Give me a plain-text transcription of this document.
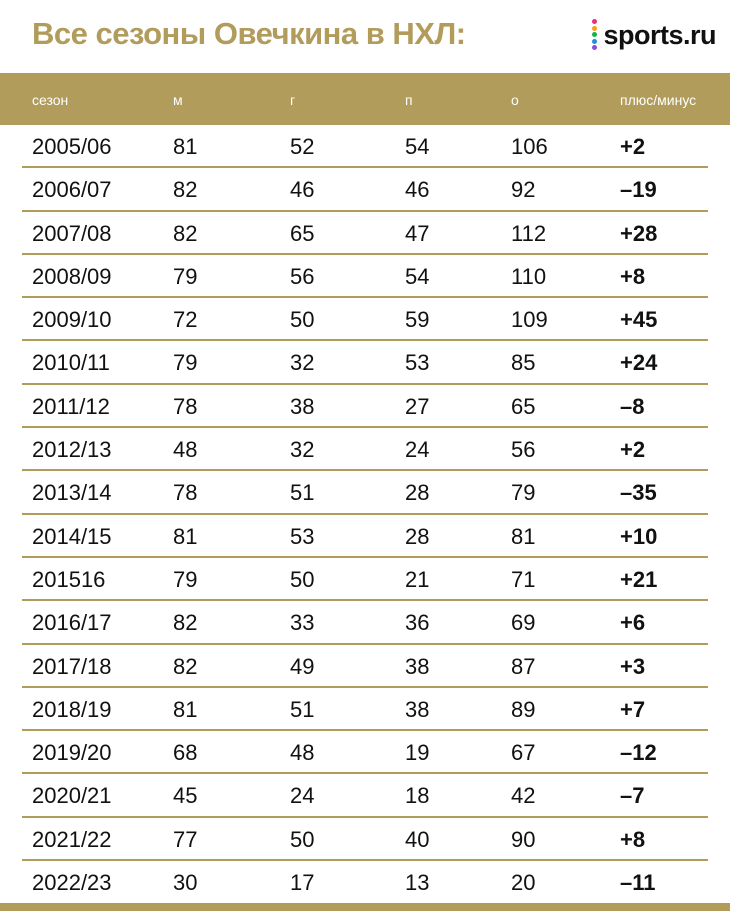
Все сезоны Овечкина в НХЛ:	sports.ru
сезон	м	г	п	о	плюс/минус
2005/06	81	52	54	106	+2
2006/07	82	46	46	92	–19
2007/08	82	65	47	112	+28
2008/09	79	56	54	110	+8
2009/10	72	50	59	109	+45
2010/11	79	32	53	85	+24
2011/12	78	38	27	65	–8
2012/13	48	32	24	56	+2
2013/14	78	51	28	79	–35
2014/15	81	53	28	81	+10
201516	79	50	21	71	+21
2016/17	82	33	36	69	+6
2017/18	82	49	38	87	+3
2018/19	81	51	38	89	+7
2019/20	68	48	19	67	–12
2020/21	45	24	18	42	–7
2021/22	77	50	40	90	+8
2022/23	30	17	13	20	–11
